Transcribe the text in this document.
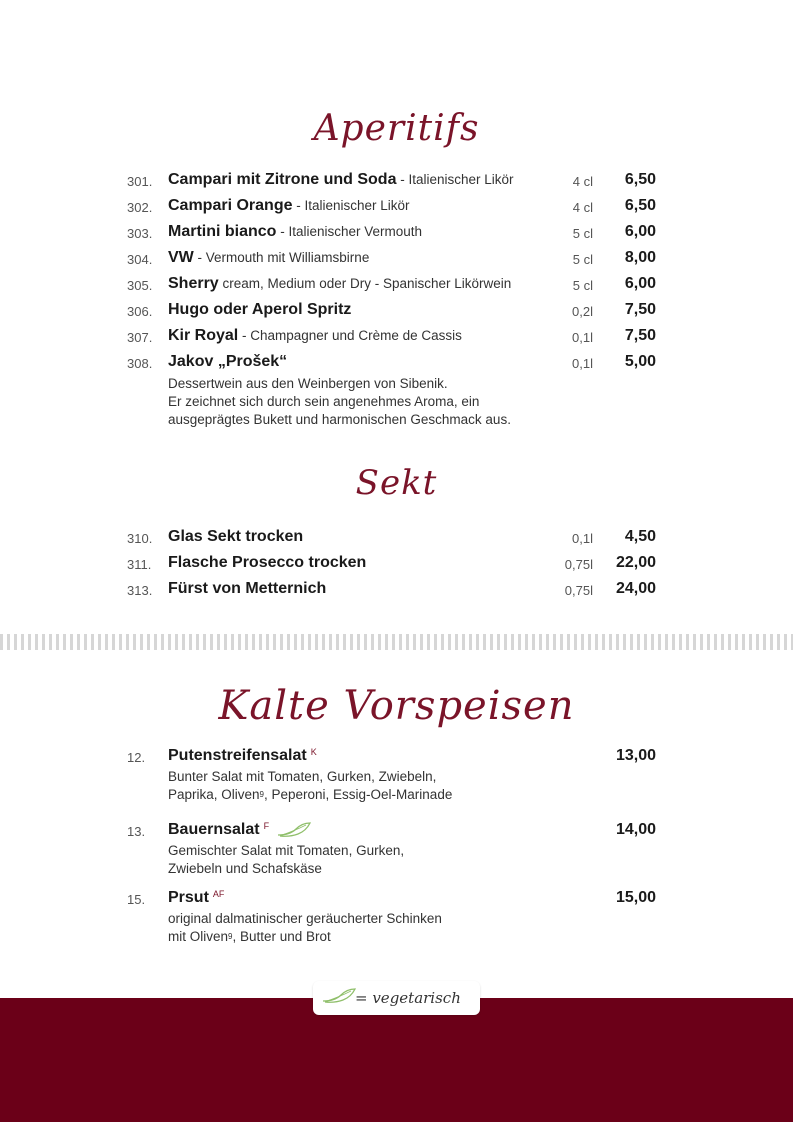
Aperitifs
301. Campari mit Zitrone und Soda - Italienischer Likör	4 cl 6,50
302. Campari Orange - Italienischer Likör	4 cl 6,50
303. Martini bianco - Italienischer Vermouth	5 cl 6,00
304. VW - Vermouth mit Williamsbirne	5 cl 8,00
305. Sherry cream, Medium oder Dry - Spanischer Likörwein	5 cl 6,00
306. Hugo oder Aperol Spritz	0,2l 7,50
307. Kir Royal - Champagner und Crème de Cassis	0,1l 7,50
308. Jakov „Prošek“	0,1l 5,00
Dessertwein aus den Weinbergen von Sibenik.
Er zeichnet sich durch sein angenehmes Aroma, ein
ausgeprägtes Bukett und harmonischen Geschmack aus.
Sekt
310. Glas Sekt trocken	0,1l 4,50
311. Flasche Prosecco trocken	0,75l 22,00
313. Fürst von Metternich	0,75l 24,00
Kalte Vorspeisen
12. Putenstreifensalat $^K$	13,00
Bunter Salat mit Tomaten, Gurken, Zwiebeln,
Paprika, Oliven$^9$, Peperoni, Essig-Oel-Marinade
13. Bauernsalat $^F$	14,00
Gemischter Salat mit Tomaten, Gurken,
Zwiebeln und Schafskäse
15. Prsut $^{AF}$	15,00
original dalmatinischer geräucherter Schinken
mit Oliven$^9$, Butter und Brot
= vegetarisch
